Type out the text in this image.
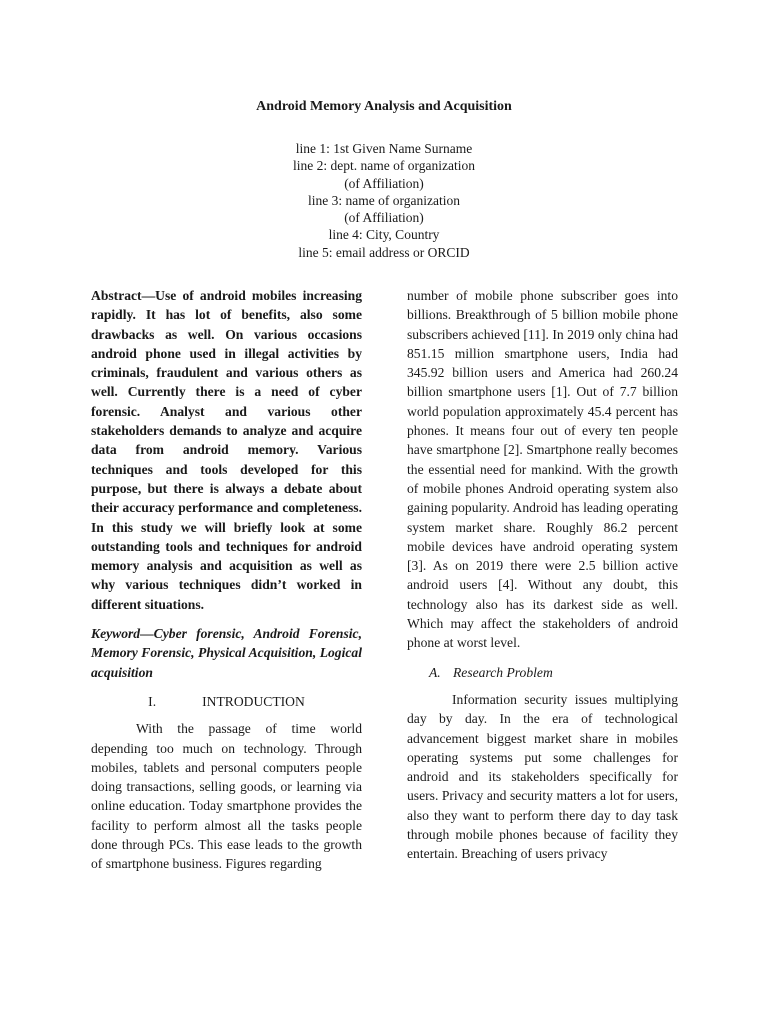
Android Memory Analysis and Acquisition
line 1: 1st Given Name Surname
line 2: dept. name of organization
(of Affiliation)
line 3: name of organization
(of Affiliation)
line 4: City, Country
line 5: email address or ORCID

Abstract—Use of android mobiles increasing rapidly. It has lot of benefits, also some drawbacks as well. On various occasions android phone used in illegal activities by criminals, fraudulent and various others as well. Currently there is a need of cyber forensic. Analyst and various other stakeholders demands to analyze and acquire data from android memory. Various techniques and tools developed for this purpose, but there is always a debate about their accuracy performance and completeness. In this study we will briefly look at some outstanding tools and techniques for android memory analysis and acquisition as well as why various techniques didn’t worked in different situations.

Keyword—Cyber forensic, Android Forensic, Memory Forensic, Physical Acquisition, Logical acquisition

I.	INTRODUCTION

With the passage of time world depending too much on technology. Through mobiles, tablets and personal computers people doing transactions, selling goods, or learning via online education. Today smartphone provides the facility to perform almost all the tasks people done through PCs. This ease leads to the growth of smartphone business. Figures regarding

number of mobile phone subscriber goes into billions. Breakthrough of 5 billion mobile phone subscribers achieved [11]. In 2019 only china had 851.15 million smartphone users, India had 345.92 billion users and America had 260.24 billion smartphone users [1]. Out of 7.7 billion world population approximately 45.4 percent has phones. It means four out of every ten people have smartphone [2]. Smartphone really becomes the essential need for mankind. With the growth of mobile phones Android operating system also gaining popularity. Android has leading operating system market share. Roughly 86.2 percent mobile devices have android operating system [3]. As on 2019 there were 2.5 billion active android users [4]. Without any doubt, this technology also has its darkest side as well. Which may affect the stakeholders of android phone at worst level.

A. Research Problem

Information security issues multiplying day by day. In the era of technological advancement biggest market share in mobiles operating systems put some challenges for android and its stakeholders specifically for users. Privacy and security matters a lot for users, also they want to perform there day to day task through mobile phones because of facility they entertain. Breaching of users privacy
